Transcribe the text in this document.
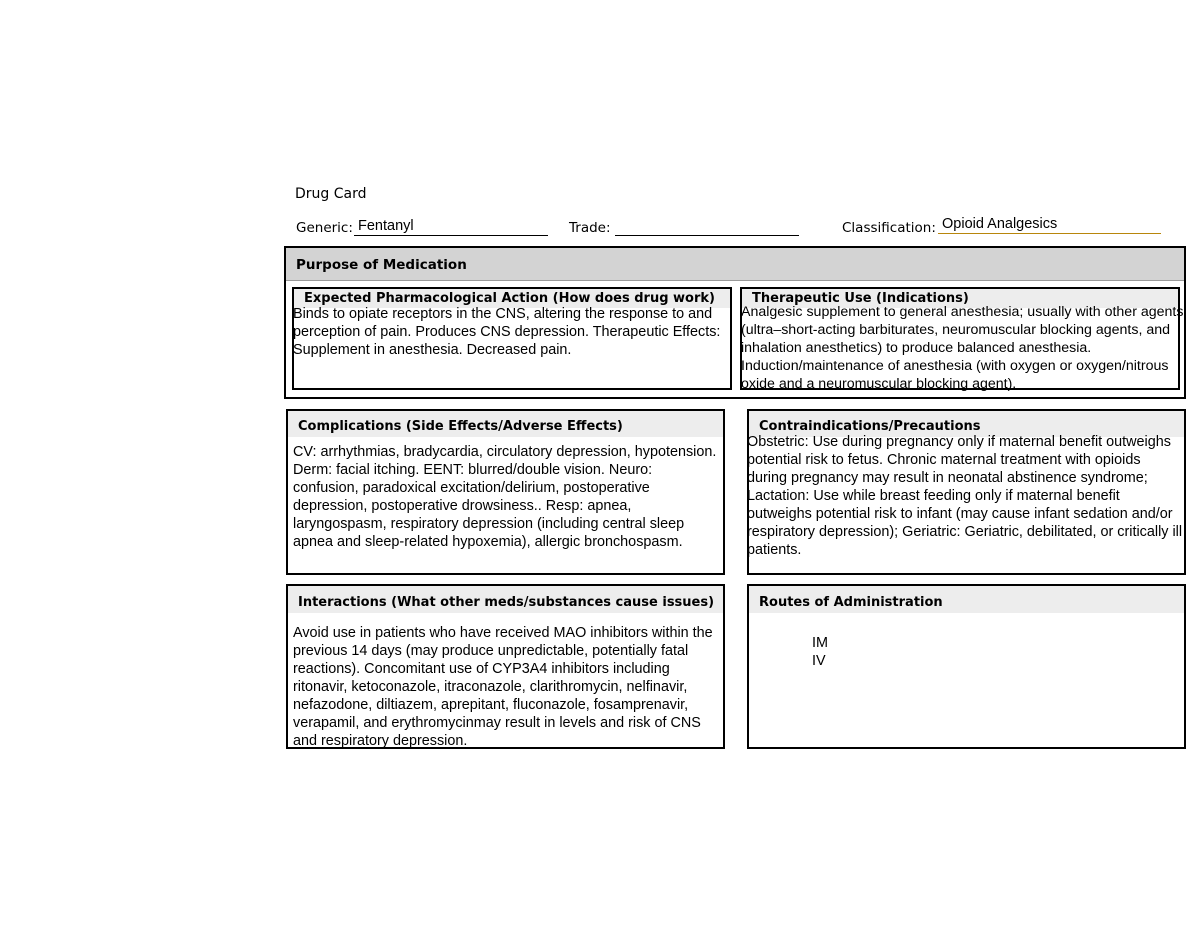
Drug Card
Generic: Fentanyl	Trade:	Classification: Opioid Analgesics
Purpose of Medication
Expected Pharmacological Action (How does drug work)
Binds to opiate receptors in the CNS, altering the response to and perception of pain. Produces CNS depression. Therapeutic Effects: Supplement in anesthesia. Decreased pain.
Therapeutic Use (Indications)
Analgesic supplement to general anesthesia; usually with other agents (ultra–short-acting barbiturates, neuromuscular blocking agents, and inhalation anesthetics) to produce balanced anesthesia. Induction/maintenance of anesthesia (with oxygen or oxygen/nitrous oxide and a neuromuscular blocking agent).
Complications (Side Effects/Adverse Effects)
CV: arrhythmias, bradycardia, circulatory depression, hypotension. Derm: facial itching. EENT: blurred/double vision. Neuro: confusion, paradoxical excitation/delirium, postoperative depression, postoperative drowsiness.. Resp: apnea, laryngospasm, respiratory depression (including central sleep apnea and sleep-related hypoxemia), allergic bronchospasm.
Contraindications/Precautions
Obstetric: Use during pregnancy only if maternal benefit outweighs potential risk to fetus. Chronic maternal treatment with opioids during pregnancy may result in neonatal abstinence syndrome; Lactation: Use while breast feeding only if maternal benefit outweighs potential risk to infant (may cause infant sedation and/or respiratory depression); Geriatric: Geriatric, debilitated, or critically ill patients.
Interactions (What other meds/substances cause issues)
Avoid use in patients who have received MAO inhibitors within the previous 14 days (may produce unpredictable, potentially fatal reactions). Concomitant use of CYP3A4 inhibitors including ritonavir, ketoconazole, itraconazole, clarithromycin, nelfinavir, nefazodone, diltiazem, aprepitant, fluconazole, fosamprenavir, verapamil, and erythromycinmay result in levels and risk of CNS and respiratory depression.
Routes of Administration
IM
IV
